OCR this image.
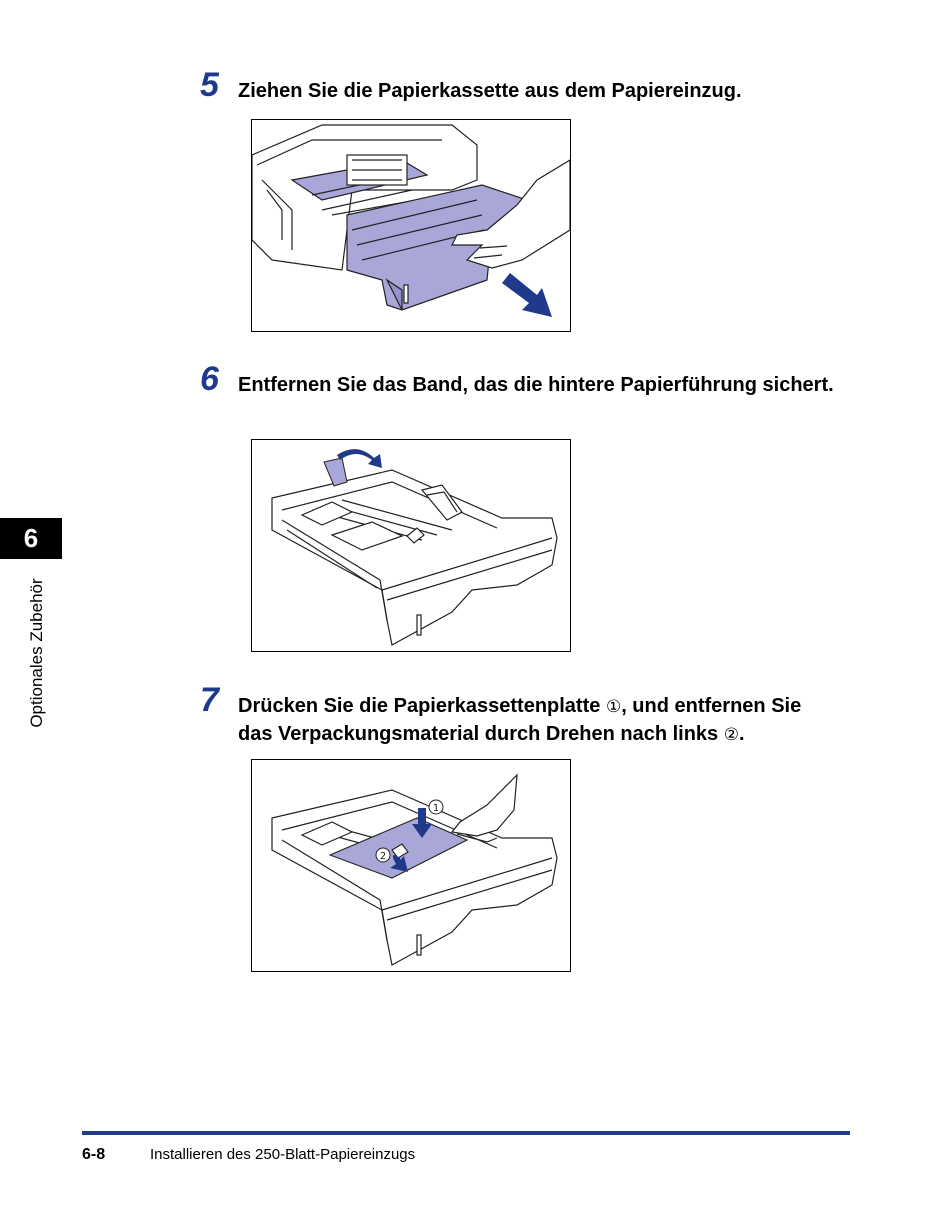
5 Ziehen Sie die Papierkassette aus dem Papiereinzug.
6 Entfernen Sie das Band, das die hintere Papierführung sichert.
7 Drücken Sie die Papierkassettenplatte ①, und entfernen Sie das Verpackungsmaterial durch Drehen nach links ②.
1
2
6
Optionales Zubehör
6-8	Installieren des 250-Blatt-Papiereinzugs
